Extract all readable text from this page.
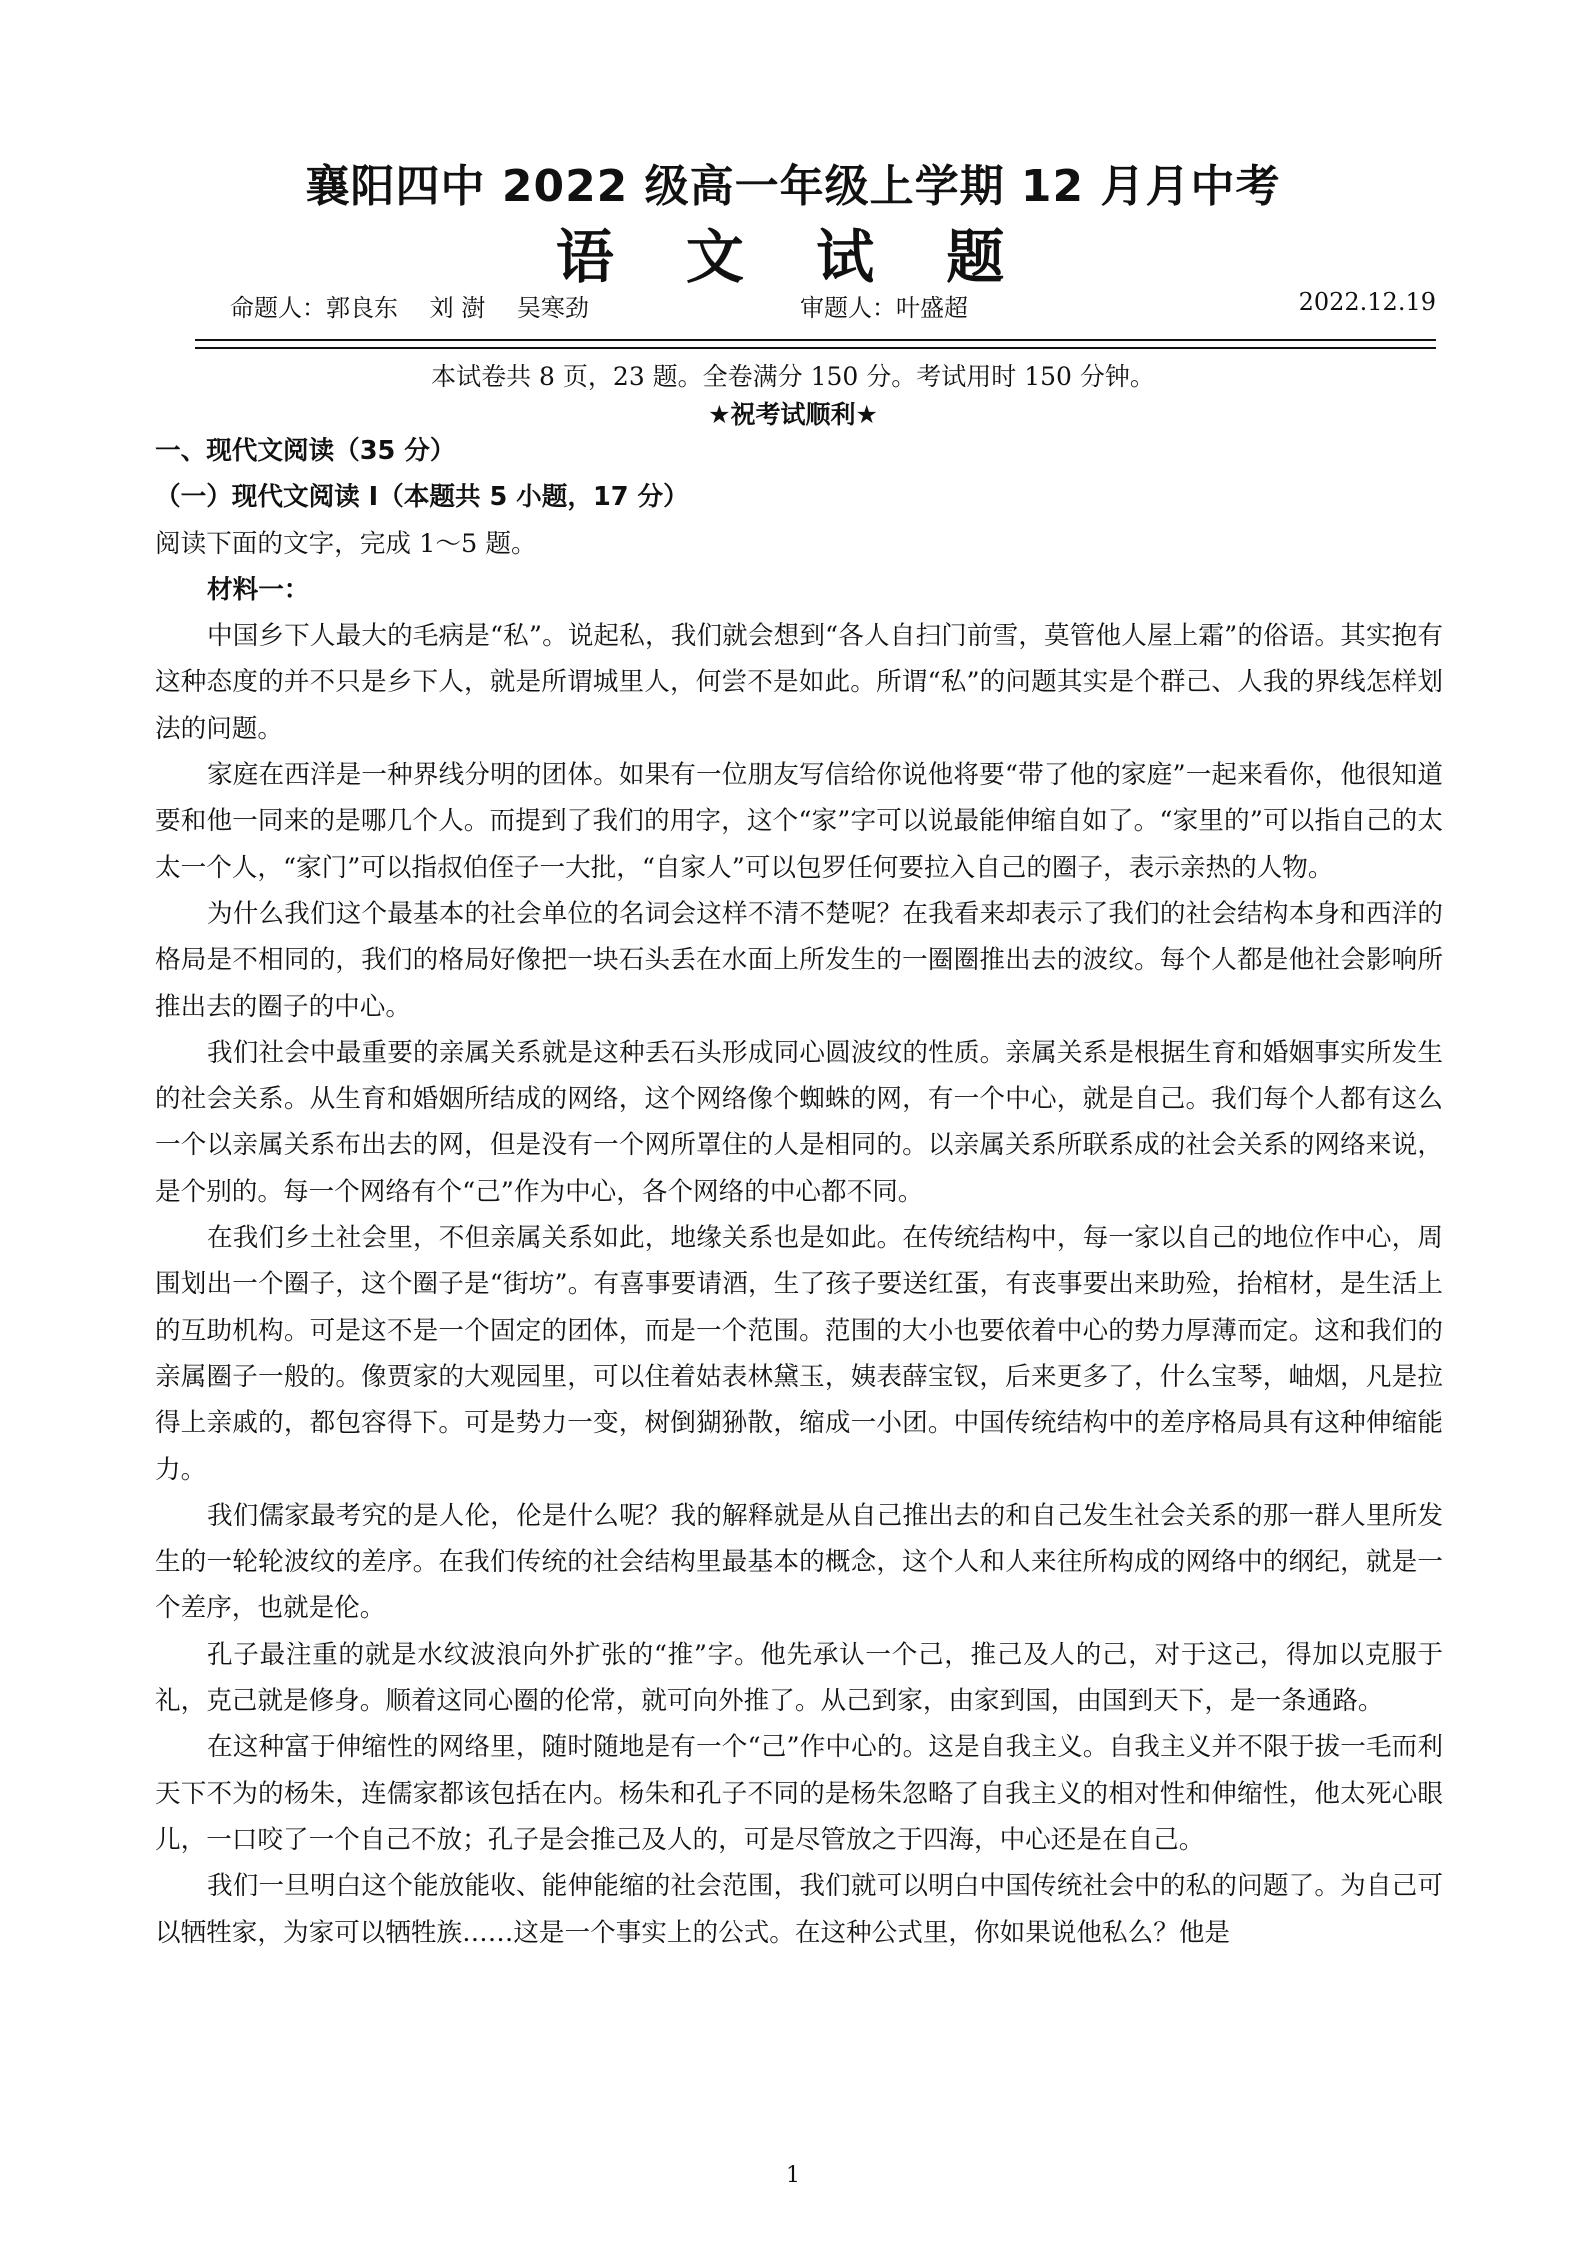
襄阳四中 2022 级高一年级上学期 12 月月中考
语 文 试 题
命题人：郭良东　 刘 澍　 吴寒劲	审题人：叶盛超	2022.12.19
本试卷共 8 页，23 题。全卷满分 150 分。考试用时 150 分钟。
★祝考试顺利★

一、现代文阅读（35 分）

（一）现代文阅读 I（本题共 5 小题，17 分）

阅读下面的文字，完成 1～5 题。

材料一：

中国乡下人最大的毛病是“私”。说起私，我们就会想到“各人自扫门前雪，莫管他人屋上霜”的俗语。其实抱有这种态度的并不只是乡下人，就是所谓城里人，何尝不是如此。所谓“私”的问题其实是个群己、人我的界线怎样划法的问题。

家庭在西洋是一种界线分明的团体。如果有一位朋友写信给你说他将要“带了他的家庭”一起来看你，他很知道要和他一同来的是哪几个人。而提到了我们的用字，这个“家”字可以说最能伸缩自如了。“家里的”可以指自己的太太一个人，“家门”可以指叔伯侄子一大批，“自家人”可以包罗任何要拉入自己的圈子，表示亲热的人物。

为什么我们这个最基本的社会单位的名词会这样不清不楚呢？在我看来却表示了我们的社会结构本身和西洋的格局是不相同的，我们的格局好像把一块石头丢在水面上所发生的一圈圈推出去的波纹。每个人都是他社会影响所推出去的圈子的中心。

我们社会中最重要的亲属关系就是这种丢石头形成同心圆波纹的性质。亲属关系是根据生育和婚姻事实所发生的社会关系。从生育和婚姻所结成的网络，这个网络像个蜘蛛的网，有一个中心，就是自己。我们每个人都有这么一个以亲属关系布出去的网，但是没有一个网所罩住的人是相同的。以亲属关系所联系成的社会关系的网络来说，是个别的。每一个网络有个“己”作为中心，各个网络的中心都不同。

在我们乡土社会里，不但亲属关系如此，地缘关系也是如此。在传统结构中，每一家以自己的地位作中心，周围划出一个圈子，这个圈子是“街坊”。有喜事要请酒，生了孩子要送红蛋，有丧事要出来助殓，抬棺材，是生活上的互助机构。可是这不是一个固定的团体，而是一个范围。范围的大小也要依着中心的势力厚薄而定。这和我们的亲属圈子一般的。像贾家的大观园里，可以住着姑表林黛玉，姨表薛宝钗，后来更多了，什么宝琴，岫烟，凡是拉得上亲戚的，都包容得下。可是势力一变，树倒猢狲散，缩成一小团。中国传统结构中的差序格局具有这种伸缩能力。

我们儒家最考究的是人伦，伦是什么呢？我的解释就是从自己推出去的和自己发生社会关系的那一群人里所发生的一轮轮波纹的差序。在我们传统的社会结构里最基本的概念，这个人和人来往所构成的网络中的纲纪，就是一个差序，也就是伦。

孔子最注重的就是水纹波浪向外扩张的“推”字。他先承认一个己，推己及人的己，对于这己，得加以克服于礼，克己就是修身。顺着这同心圈的伦常，就可向外推了。从己到家，由家到国，由国到天下，是一条通路。

在这种富于伸缩性的网络里，随时随地是有一个“己”作中心的。这是自我主义。自我主义并不限于拔一毛而利天下不为的杨朱，连儒家都该包括在内。杨朱和孔子不同的是杨朱忽略了自我主义的相对性和伸缩性，他太死心眼儿，一口咬了一个自己不放；孔子是会推己及人的，可是尽管放之于四海，中心还是在自己。

我们一旦明白这个能放能收、能伸能缩的社会范围，我们就可以明白中国传统社会中的私的问题了。为自己可以牺牲家，为家可以牺牲族……这是一个事实上的公式。在这种公式里，你如果说他私么？他是

1
